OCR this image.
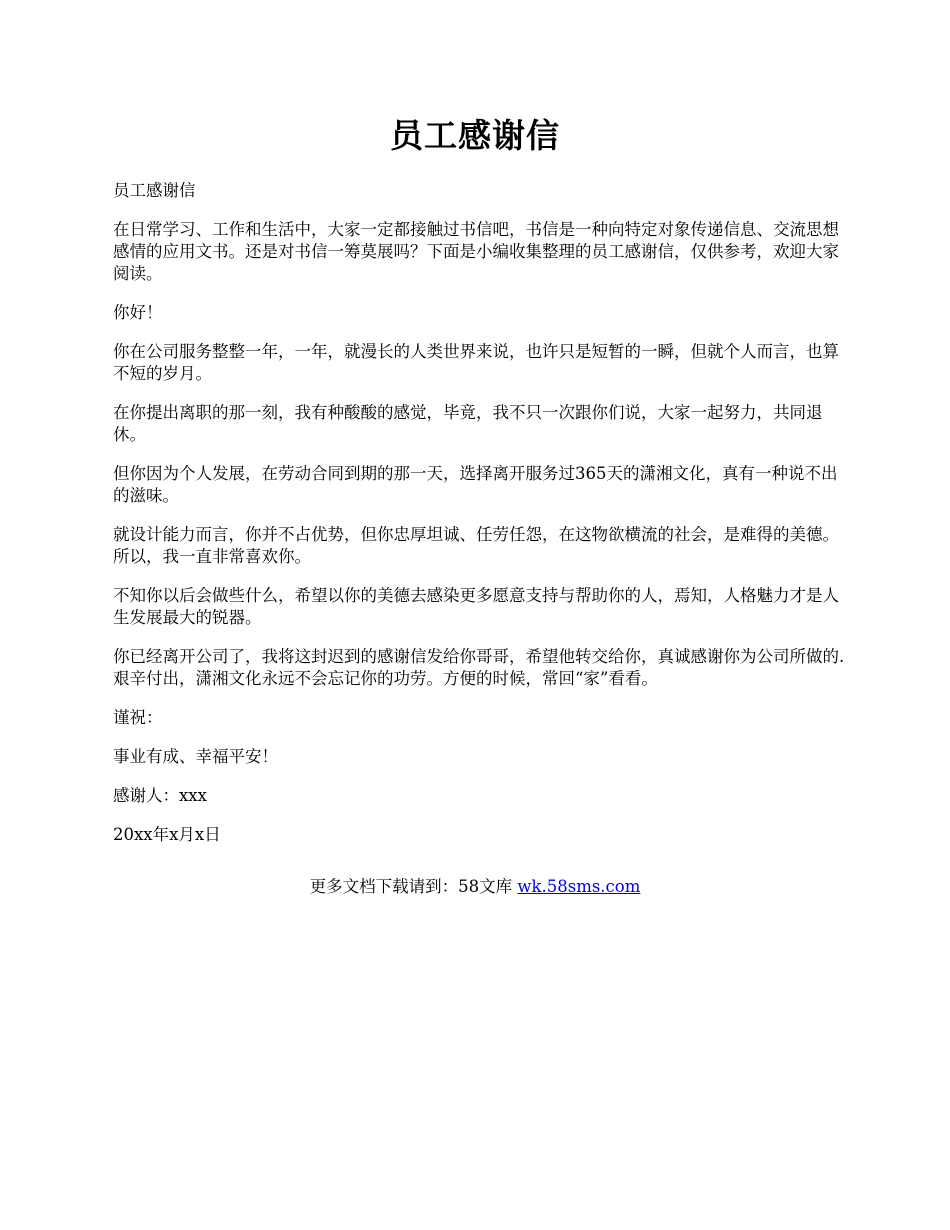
员工感谢信

员工感谢信

在日常学习、工作和生活中，大家一定都接触过书信吧，书信是一种向特定对象传递信息、交流思想感情的应用文书。还是对书信一筹莫展吗？下面是小编收集整理的员工感谢信，仅供参考，欢迎大家阅读。

你好！

你在公司服务整整一年，一年，就漫长的人类世界来说，也许只是短暂的一瞬，但就个人而言，也算不短的岁月。

在你提出离职的那一刻，我有种酸酸的感觉，毕竟，我不只一次跟你们说，大家一起努力，共同退休。

但你因为个人发展，在劳动合同到期的那一天，选择离开服务过365天的潇湘文化，真有一种说不出的滋味。

就设计能力而言，你并不占优势，但你忠厚坦诚、任劳任怨，在这物欲横流的社会，是难得的美德。所以，我一直非常喜欢你。

不知你以后会做些什么，希望以你的美德去感染更多愿意支持与帮助你的人，焉知，人格魅力才是人生发展最大的锐器。

你已经离开公司了，我将这封迟到的感谢信发给你哥哥，希望他转交给你，真诚感谢你为公司所做的.艰辛付出，潇湘文化永远不会忘记你的功劳。方便的时候，常回“家”看看。

谨祝：

事业有成、幸福平安！

感谢人：xxx

20xx年x月x日

更多文档下载请到：58文库 wk.58sms.com
